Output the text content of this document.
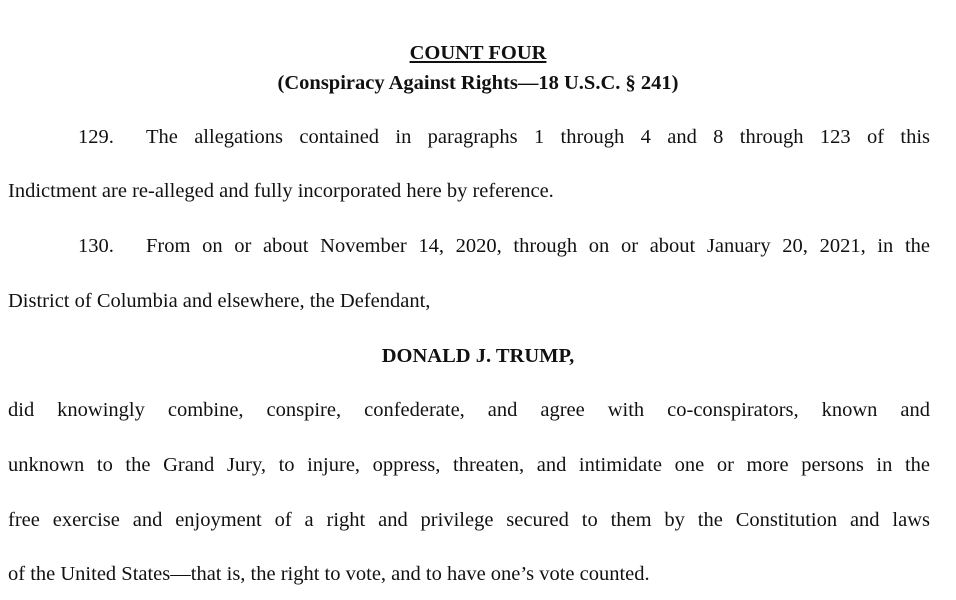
COUNT FOUR
(Conspiracy Against Rights—18 U.S.C. § 241)
129. The allegations contained in paragraphs 1 through 4 and 8 through 123 of this
Indictment are re-alleged and fully incorporated here by reference.
130. From on or about November 14, 2020, through on or about January 20, 2021, in the
District of Columbia and elsewhere, the Defendant,
DONALD J. TRUMP,
did knowingly combine, conspire, confederate, and agree with co-conspirators, known and
unknown to the Grand Jury, to injure, oppress, threaten, and intimidate one or more persons in the
free exercise and enjoyment of a right and privilege secured to them by the Constitution and laws
of the United States—that is, the right to vote, and to have one’s vote counted.
